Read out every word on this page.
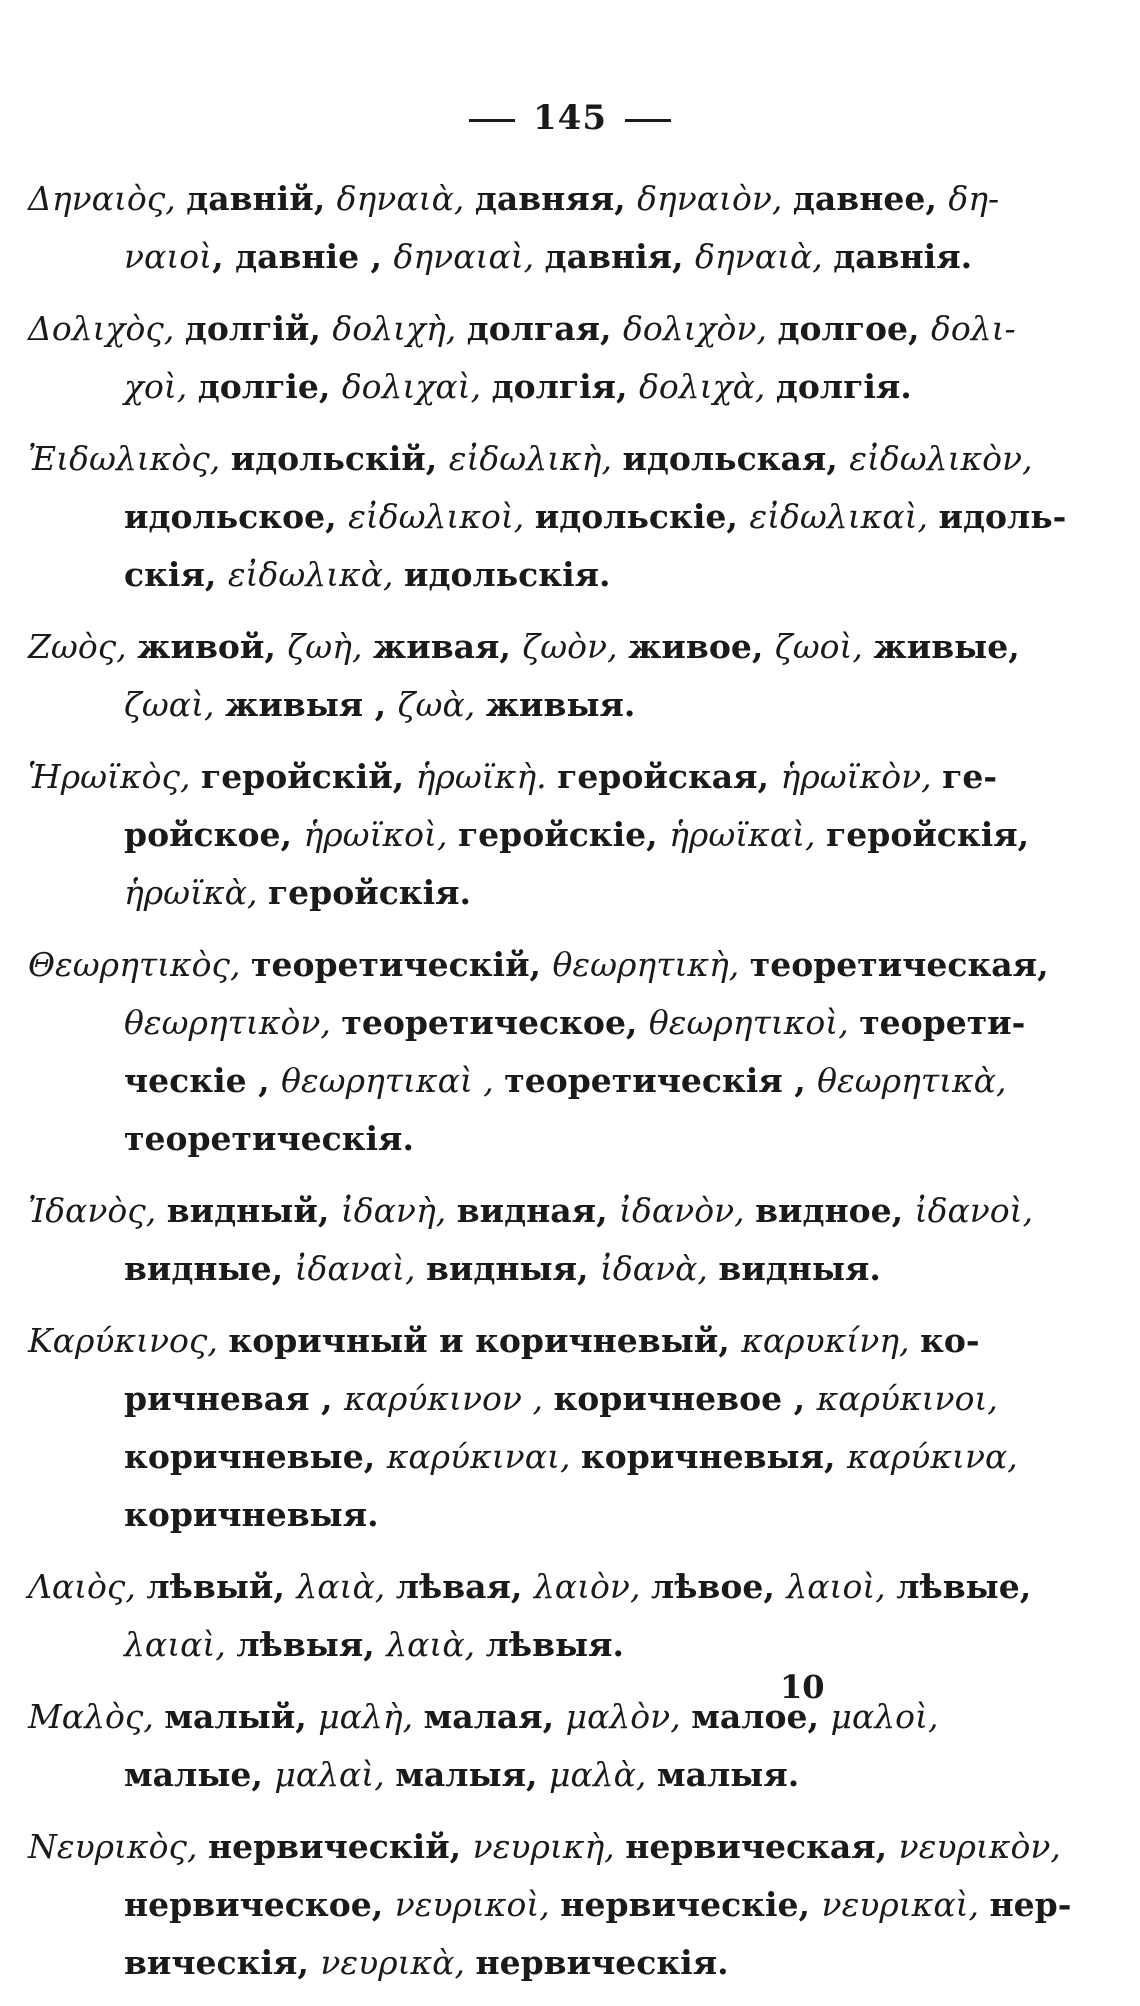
145
Δηναιὸς, давній, δηναιὰ, давняя, δηναιὸν, давнее, δη-
ναιοὶ, давніе , δηναιαὶ, давнія, δηναιὰ, давнія.
Δολιχὸς, долгій, δολιχὴ, долгая, δολιχὸν, долгое, δολι-
χοὶ, долгіе, δολιχαὶ, долгія, δολιχὰ, долгія.
Ἐιδωλικὸς, идольскій, εἰδωλικὴ, идольская, εἰδωλικὸν,
идольское, εἰδωλικοὶ, идольскіе, εἰδωλικαὶ, идоль-
скія, εἰδωλικὰ, идольскія.
Ζωὸς, живой, ζωὴ, живая, ζωὸν, живое, ζωοὶ, живые,
ζωαὶ, живыя , ζωὰ, живыя.
Ἡρωϊκὸς, геройскій, ἡρωϊκὴ. геройская, ἡρωϊκὸν, ге-
ройское, ἡρωϊκοὶ, геройскіе, ἡρωϊκαὶ, геройскія,
ἡρωϊκὰ, геройскія.
Θεωρητικὸς, теоретическій, θεωρητικὴ, теоретическая,
θεωρητικὸν, теоретическое, θεωρητικοὶ, теорети-
ческіе , θεωρητικαὶ , теоретическія , θεωρητικὰ,
теоретическія.
Ἰδανὸς, видный, ἰδανὴ, видная, ἰδανὸν, видное, ἰδανοὶ,
видные, ἰδαναὶ, видныя, ἰδανὰ, видныя.
Καρύκινος, коричный и коричневый, καρυκίνη, ко-
ричневая , καρύκινον , коричневое , καρύκινοι,
коричневые, καρύκιναι, коричневыя, καρύκινα,
коричневыя.
Λαιὸς, лѣвый, λαιὰ, лѣвая, λαιὸν, лѣвое, λαιοὶ, лѣвые,
λαιαὶ, лѣвыя, λαιὰ, лѣвыя.
Μαλὸς, малый, μαλὴ, малая, μαλὸν, малое, μαλοὶ,
малые, μαλαὶ, малыя, μαλὰ, малыя.
Νευρικὸς, нервическій, νευρικὴ, нервическая, νευρικὸν,
нервическое, νευρικοὶ, нервическіе, νευρικαὶ, нер-
вическія, νευρικὰ, нервическія.
10
